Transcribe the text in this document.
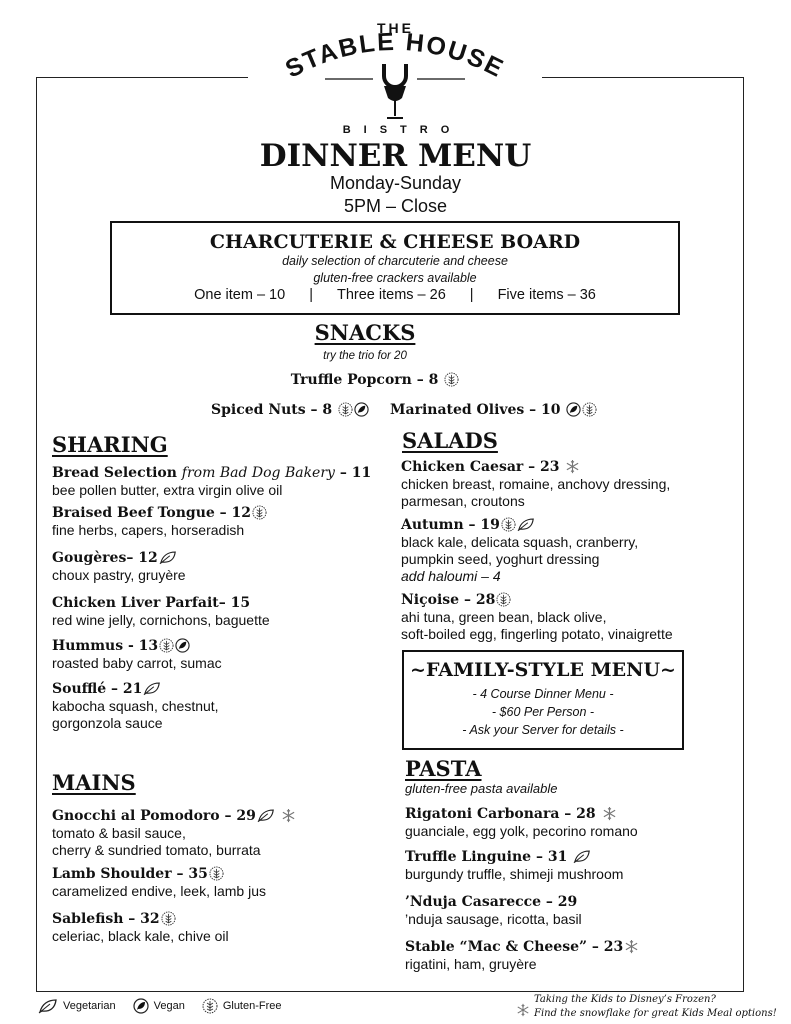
THE
STABLE HOUSE
BISTRO
DINNER MENU
Monday-Sunday
5PM – Close
CHARCUTERIE & CHEESE BOARD
daily selection of charcuterie and cheese
gluten-free crackers available
One item – 10 | Three items – 26 | Five items – 36
SNACKS
try the trio for 20
Truffle Popcorn – 8
Spiced Nuts – 8	Marinated Olives – 10
SHARING
Bread Selection from Bad Dog Bakery – 11
bee pollen butter, extra virgin olive oil
Braised Beef Tongue – 12
fine herbs, capers, horseradish
Gougères– 12
choux pastry, gruyère
Chicken Liver Parfait– 15
red wine jelly, cornichons, baguette
Hummus - 13
roasted baby carrot, sumac
Soufflé – 21
kabocha squash, chestnut,
gorgonzola sauce
SALADS
Chicken Caesar – 23
chicken breast, romaine, anchovy dressing,
parmesan, croutons
Autumn – 19
black kale, delicata squash, cranberry,
pumpkin seed, yoghurt dressing
add haloumi – 4
Niçoise – 28
ahi tuna, green bean, black olive,
soft-boiled egg, fingerling potato, vinaigrette
~FAMILY-STYLE MENU~
- 4 Course Dinner Menu -
- $60 Per Person -
- Ask your Server for details -
MAINS
Gnocchi al Pomodoro – 29
tomato & basil sauce,
cherry & sundried tomato, burrata
Lamb Shoulder – 35
caramelized endive, leek, lamb jus
Sablefish – 32
celeriac, black kale, chive oil
PASTA
gluten-free pasta available
Rigatoni Carbonara – 28
guanciale, egg yolk, pecorino romano
Truffle Linguine – 31
burgundy truffle, shimeji mushroom
’Nduja Casarecce – 29
’nduja sausage, ricotta, basil
Stable “Mac & Cheese” – 23
rigatini, ham, gruyère
Vegetarian	Vegan	Gluten-Free
Taking the Kids to Disney’s Frozen?
Find the snowflake for great Kids Meal options!
